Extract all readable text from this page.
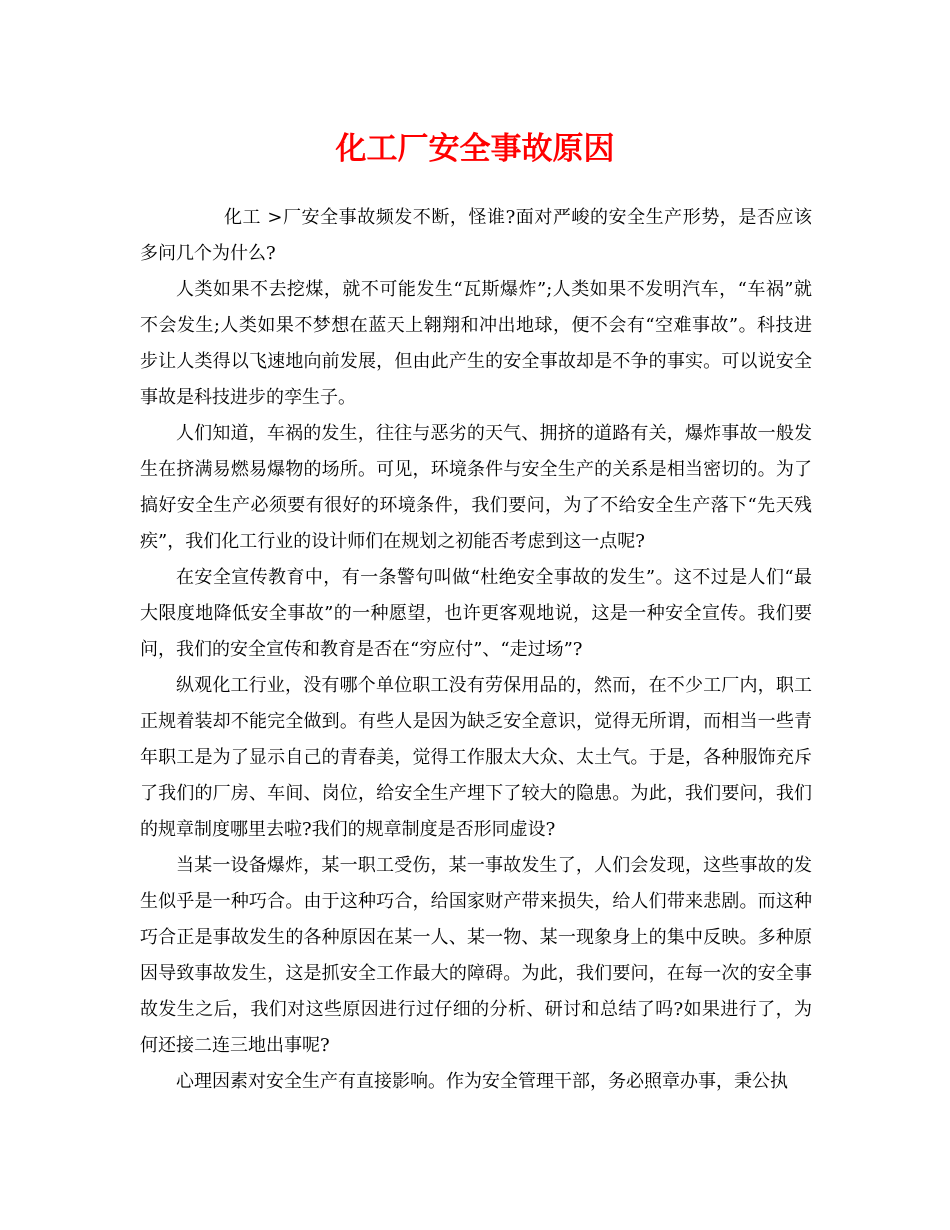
化工厂安全事故原因

化工 >厂安全事故频发不断，怪谁?面对严峻的安全生产形势，是否应该多问几个为什么?

人类如果不去挖煤，就不可能发生“瓦斯爆炸”;人类如果不发明汽车，“车祸”就不会发生;人类如果不梦想在蓝天上翱翔和冲出地球，便不会有“空难事故”。科技进步让人类得以飞速地向前发展，但由此产生的安全事故却是不争的事实。可以说安全事故是科技进步的孪生子。

人们知道，车祸的发生，往往与恶劣的天气、拥挤的道路有关，爆炸事故一般发生在挤满易燃易爆物的场所。可见，环境条件与安全生产的关系是相当密切的。为了搞好安全生产必须要有很好的环境条件，我们要问，为了不给安全生产落下“先天残疾”，我们化工行业的设计师们在规划之初能否考虑到这一点呢?

在安全宣传教育中，有一条警句叫做“杜绝安全事故的发生”。这不过是人们“最大限度地降低安全事故”的一种愿望，也许更客观地说，这是一种安全宣传。我们要问，我们的安全宣传和教育是否在“穷应付”、“走过场”?

纵观化工行业，没有哪个单位职工没有劳保用品的，然而，在不少工厂内，职工正规着装却不能完全做到。有些人是因为缺乏安全意识，觉得无所谓，而相当一些青年职工是为了显示自己的青春美，觉得工作服太大众、太土气。于是，各种服饰充斥了我们的厂房、车间、岗位，给安全生产埋下了较大的隐患。为此，我们要问，我们的规章制度哪里去啦?我们的规章制度是否形同虚设?

当某一设备爆炸，某一职工受伤，某一事故发生了，人们会发现，这些事故的发生似乎是一种巧合。由于这种巧合，给国家财产带来损失，给人们带来悲剧。而这种巧合正是事故发生的各种原因在某一人、某一物、某一现象身上的集中反映。多种原因导致事故发生，这是抓安全工作最大的障碍。为此，我们要问，在每一次的安全事故发生之后，我们对这些原因进行过仔细的分析、研讨和总结了吗?如果进行了，为何还接二连三地出事呢?

心理因素对安全生产有直接影响。作为安全管理干部，务必照章办事，秉公执
